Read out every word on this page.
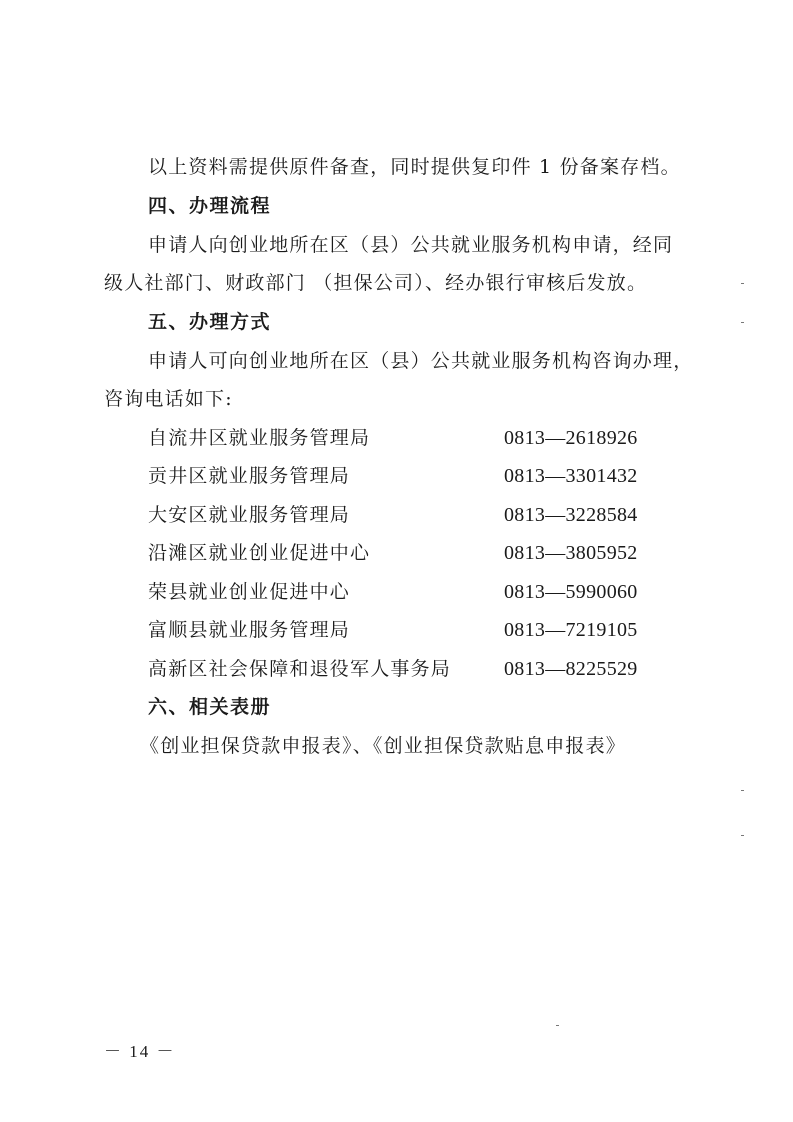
以上资料需提供原件备查，同时提供复印件 1 份备案存档。
四、办理流程
申请人向创业地所在区（县）公共就业服务机构申请，经同
级人社部门、财政部门 （担保公司）、经办银行审核后发放。
五、办理方式
申请人可向创业地所在区（县）公共就业服务机构咨询办理，
咨询电话如下:
自流井区就业服务管理局	0813—2618926
贡井区就业服务管理局	0813—3301432
大安区就业服务管理局	0813—3228584
沿滩区就业创业促进中心	0813—3805952
荣县就业创业促进中心	0813—5990060
富顺县就业服务管理局	0813—7219105
高新区社会保障和退役军人事务局	0813—8225529
六、相关表册
《创业担保贷款申报表》、《创业担保贷款贴息申报表》
－ 14 －
